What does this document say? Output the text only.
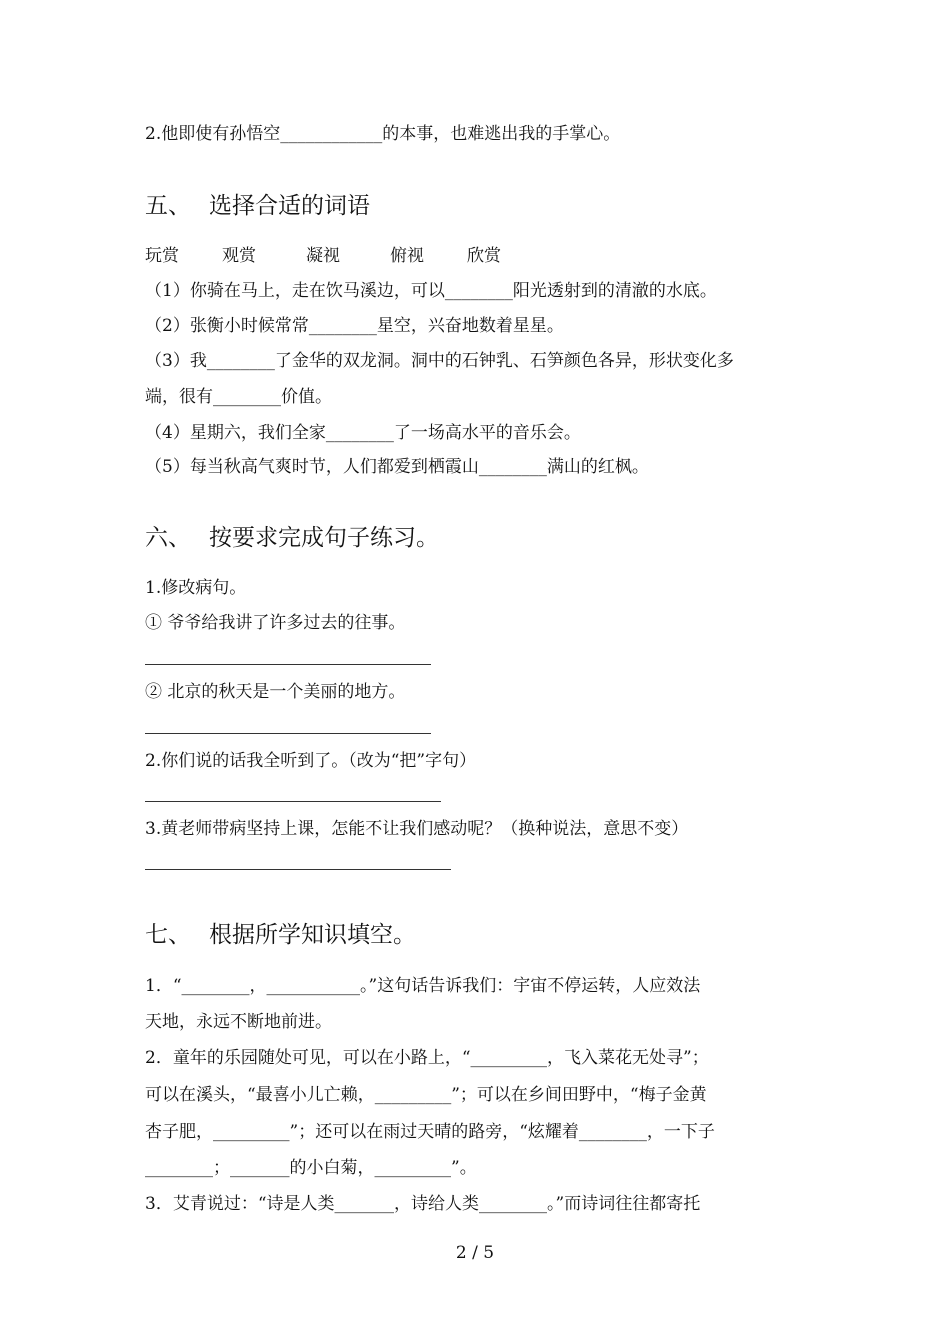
2.他即使有孙悟空____________的本事，也难逃出我的手掌心。
五、 选择合适的词语
玩赏	观赏	凝视	俯视	欣赏
（1）你骑在马上，走在饮马溪边，可以________阳光透射到的清澈的水底。
（2）张衡小时候常常________星空，兴奋地数着星星。
（3）我________了金华的双龙洞。洞中的石钟乳、石笋颜色各异，形状变化多
端，很有________价值。
（4）星期六，我们全家________了一场高水平的音乐会。
（5）每当秋高气爽时节，人们都爱到栖霞山________满山的红枫。
六、 按要求完成句子练习。
1.修改病句。
① 爷爷给我讲了许多过去的往事。
② 北京的秋天是一个美丽的地方。
2.你们说的话我全听到了。（改为“把”字句）
3.黄老师带病坚持上课，怎能不让我们感动呢？（换种说法，意思不变）
七、 根据所学知识填空。
1．“________，___________。”这句话告诉我们：宇宙不停运转，人应效法
天地，永远不断地前进。
2．童年的乐园随处可见，可以在小路上，“_________，飞入菜花无处寻”；
可以在溪头，“最喜小儿亡赖，_________”；可以在乡间田野中，“梅子金黄
杏子肥，_________”；还可以在雨过天晴的路旁，“炫耀着________，一下子
________；_______的小白菊，_________”。
3．艾青说过：“诗是人类_______，诗给人类________。”而诗词往往都寄托
2 / 5
